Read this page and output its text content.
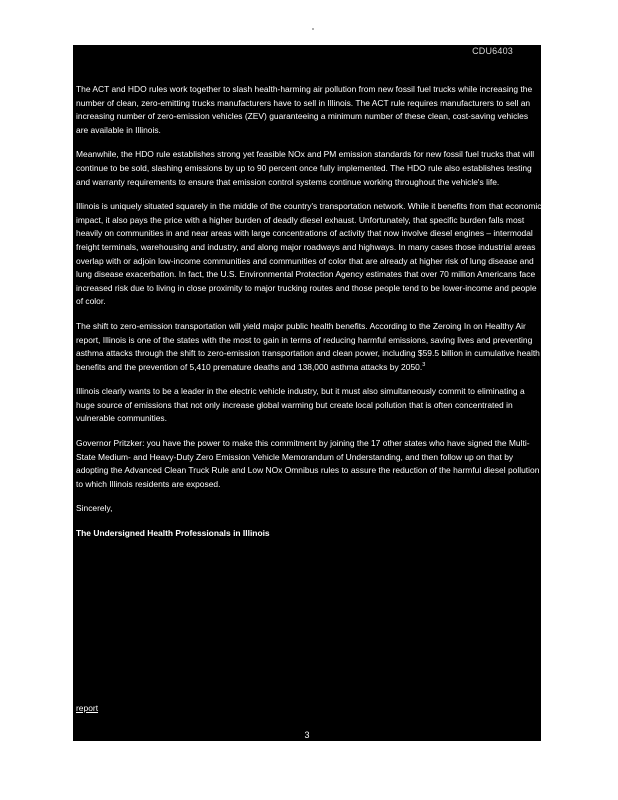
CDU6403

The ACT and HDO rules work together to slash health-harming air pollution from new fossil fuel trucks while increasing the number of clean, zero-emitting trucks manufacturers have to sell in Illinois. The ACT rule requires manufacturers to sell an increasing number of zero-emission vehicles (ZEV) guaranteeing a minimum number of these clean, cost-saving vehicles are available in Illinois.

Meanwhile, the HDO rule establishes strong yet feasible NOx and PM emission standards for new fossil fuel trucks that will continue to be sold, slashing emissions by up to 90 percent once fully implemented. The HDO rule also establishes testing and warranty requirements to ensure that emission control systems continue working throughout the vehicle's life.

Illinois is uniquely situated squarely in the middle of the country's transportation network. While it benefits from that economic impact, it also pays the price with a higher burden of deadly diesel exhaust. Unfortunately, that specific burden falls most heavily on communities in and near areas with large concentrations of activity that now involve diesel engines – intermodal freight terminals, warehousing and industry, and along major roadways and highways. In many cases those industrial areas overlap with or adjoin low-income communities and communities of color that are already at higher risk of lung disease and lung disease exacerbation. In fact, the U.S. Environmental Protection Agency estimates that over 70 million Americans face increased risk due to living in close proximity to major trucking routes and those people tend to be lower-income and people of color.

The shift to zero-emission transportation will yield major public health benefits. According to the Zeroing In on Healthy Air report, Illinois is one of the states with the most to gain in terms of reducing harmful emissions, saving lives and preventing asthma attacks through the shift to zero-emission transportation and clean power, including $59.5 billion in cumulative health benefits and the prevention of 5,410 premature deaths and 138,000 asthma attacks by 2050.$^3$

Illinois clearly wants to be a leader in the electric vehicle industry, but it must also simultaneously commit to eliminating a huge source of emissions that not only increase global warming but create local pollution that is often concentrated in vulnerable communities.

Governor Pritzker: you have the power to make this commitment by joining the 17 other states who have signed the Multi-State Medium- and Heavy-Duty Zero Emission Vehicle Memorandum of Understanding, and then follow up on that by adopting the Advanced Clean Truck Rule and Low NOx Omnibus rules to assure the reduction of the harmful diesel pollution to which Illinois residents are exposed.

Sincerely,

The Undersigned Health Professionals in Illinois

report
3
